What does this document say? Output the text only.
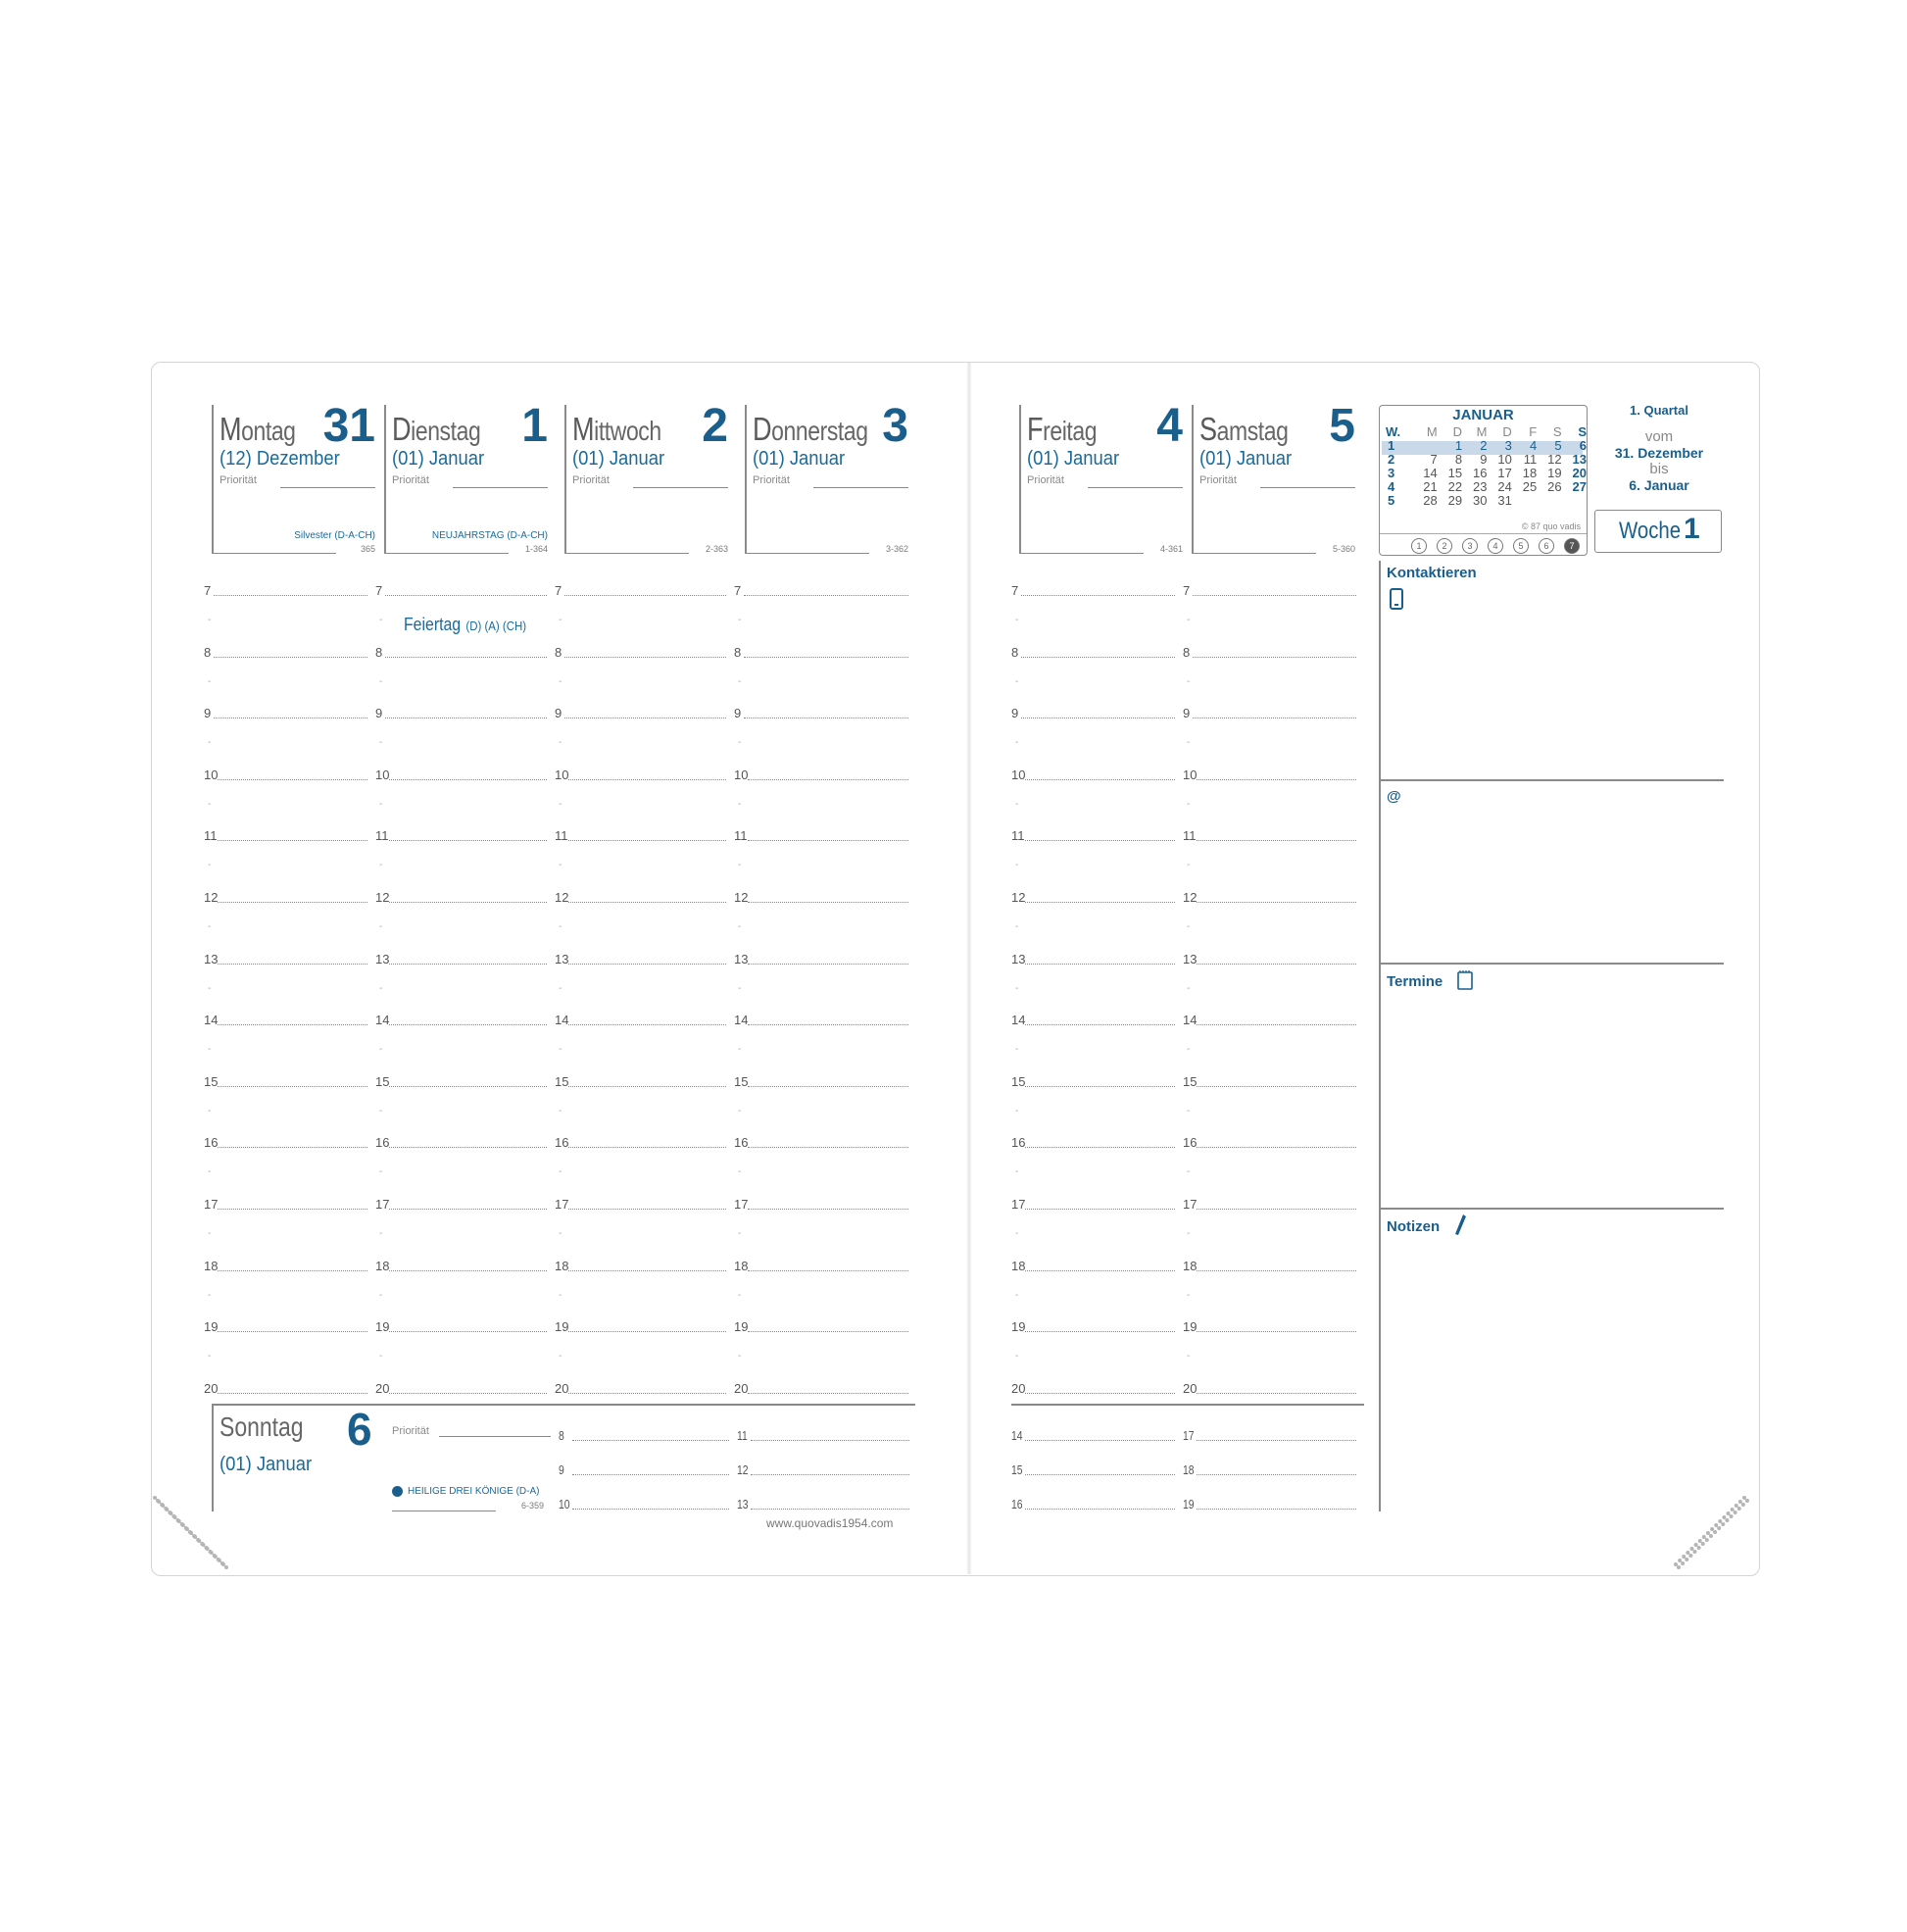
7
-
7
-
7
-
7
-
7
-
7
-
8
-
8
-
8
-
8
-
8
-
8
-
9
-
9
-
9
-
9
-
9
-
9
-
10
-
10
-
10
-
10
-
10
-
10
-
11
-
11
-
11
-
11
-
11
-
11
-
12
-
12
-
12
-
12
-
12
-
12
-
13
-
13
-
13
-
13
-
13
-
13
-
14
-
14
-
14
-
14
-
14
-
14
-
15
-
15
-
15
-
15
-
15
-
15
-
16
-
16
-
16
-
16
-
16
-
16
-
17
-
17
-
17
-
17
-
17
-
17
-
18
-
18
-
18
-
18
-
18
-
18
-
19
-
19
-
19
-
19
-
19
-
19
-
20	20	20	20	20	20
Feiertag (D) (A) (CH)
Sonntag 6
(01) Januar
Priorität
HEILIGE DREI KÖNIGE (D-A)
6-359
8	11
9	12
10	13
14	17
15	18
16	19
JANUAR
W.	M	D	M	D	F	S	S
1		1	2	3	4	5	6
2	7	8	9	10	11	12	13
3	14	15	16	17	18	19	20
4	21	22	23	24	25	26	27
5	28	29	30	31			
© 87 quo vadis
1	2	3	4	5	6	7
1. Quartal
vom
31. Dezember
bis
6. Januar
Woche 1
Kontaktieren
@
Termine
Notizen
www.quovadis1954.com
Montag 31
(12) Dezember
Priorität
Silvester (D-A-CH)
365
Dienstag 1
(01) Januar
Priorität
NEUJAHRSTAG (D-A-CH)
1-364
Mittwoch 2
(01) Januar
Priorität
2-363
Donnerstag 3
(01) Januar
Priorität
3-362
Freitag 4
(01) Januar
Priorität
4-361
Samstag 5
(01) Januar
Priorität
5-360
